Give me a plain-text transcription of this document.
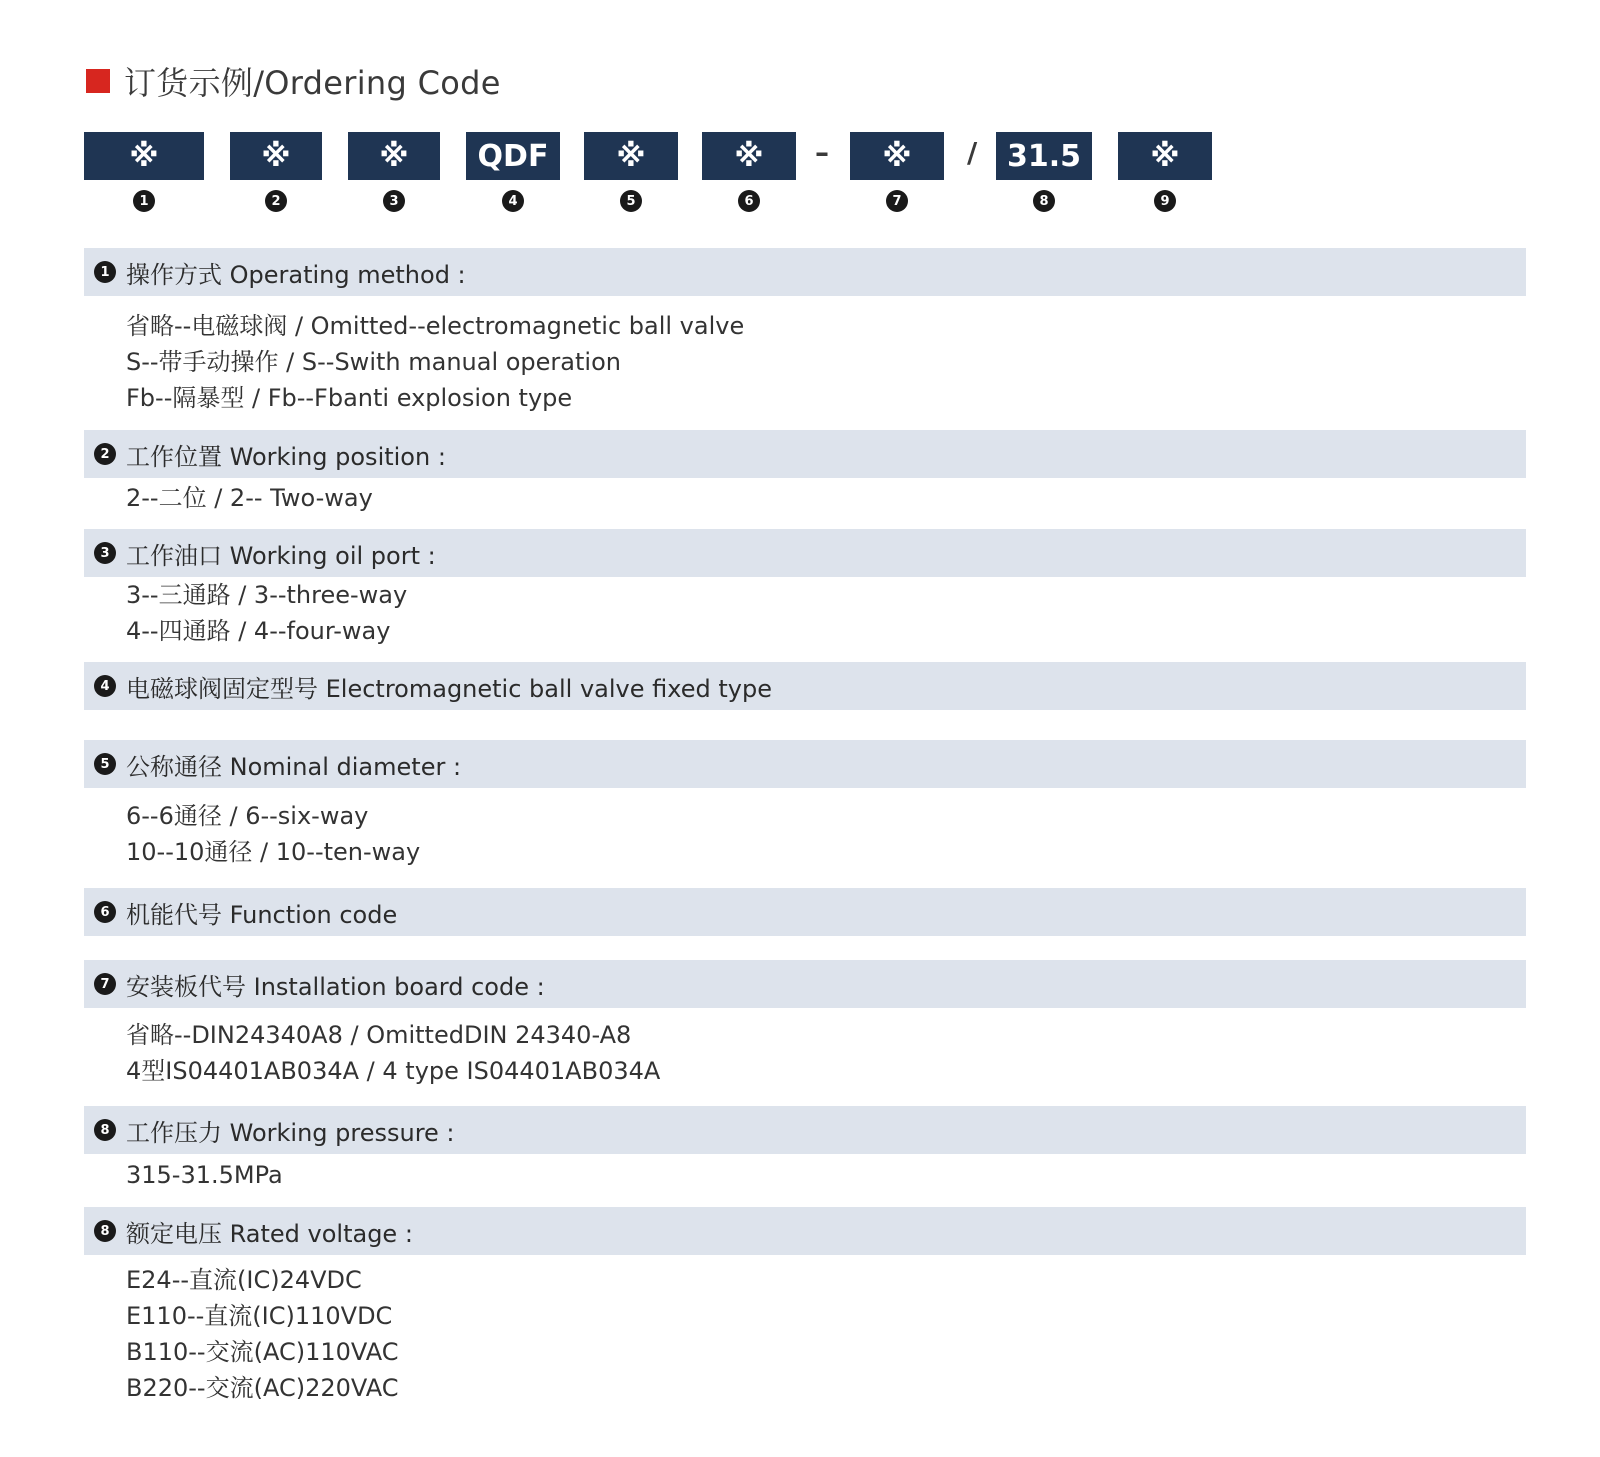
订货示例/Ordering Code
※
1
※
2
※
3
QDF
4
※
5
※
6
–	※
7
/ 31.5
8
※
9
1 操作方式 Operating method :
省略--电磁球阀 / Omitted--electromagnetic ball valve
S--带手动操作 / S--Swith manual operation
Fb--隔暴型 / Fb--Fbanti explosion type
2 工作位置 Working position :
2--二位 / 2-- Two-way
3 工作油口 Working oil port :
3--三通路 / 3--three-way
4--四通路 / 4--four-way
4 电磁球阀固定型号 Electromagnetic ball valve fixed type
5 公称通径 Nominal diameter :
6--6通径 / 6--six-way
10--10通径 / 10--ten-way
6 机能代号 Function code
7 安装板代号 Installation board code :
省略--DIN24340A8 / OmittedDIN 24340-A8
4型IS04401AB034A / 4 type IS04401AB034A
8 工作压力 Working pressure :
315-31.5MPa
8 额定电压 Rated voltage :
E24--直流(IC)24VDC
E110--直流(IC)110VDC
B110--交流(AC)110VAC
B220--交流(AC)220VAC
